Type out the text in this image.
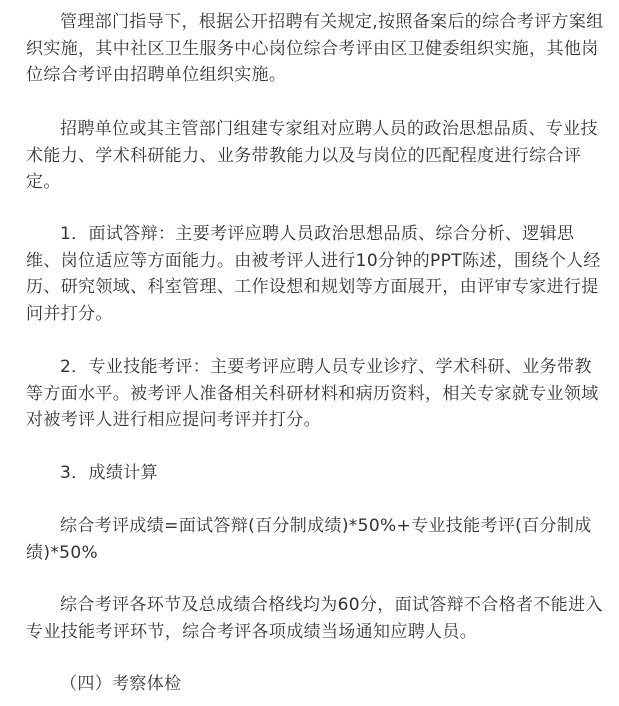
管理部门指导下，根据公开招聘有关规定,按照备案后的综合考评方案组织实施，其中社区卫生服务中心岗位综合考评由区卫健委组织实施，其他岗位综合考评由招聘单位组织实施。

招聘单位或其主管部门组建专家组对应聘人员的政治思想品质、专业技术能力、学术科研能力、业务带教能力以及与岗位的匹配程度进行综合评定。

1．面试答辩：主要考评应聘人员政治思想品质、综合分析、逻辑思维、岗位适应等方面能力。由被考评人进行10分钟的PPT陈述，围绕个人经历、研究领域、科室管理、工作设想和规划等方面展开，由评审专家进行提问并打分。

2．专业技能考评：主要考评应聘人员专业诊疗、学术科研、业务带教等方面水平。被考评人准备相关科研材料和病历资料，相关专家就专业领域对被考评人进行相应提问考评并打分。

3．成绩计算

综合考评成绩=面试答辩(百分制成绩)*50%+专业技能考评(百分制成绩)*50%

综合考评各环节及总成绩合格线均为60分，面试答辩不合格者不能进入专业技能考评环节，综合考评各项成绩当场通知应聘人员。

（四）考察体检
